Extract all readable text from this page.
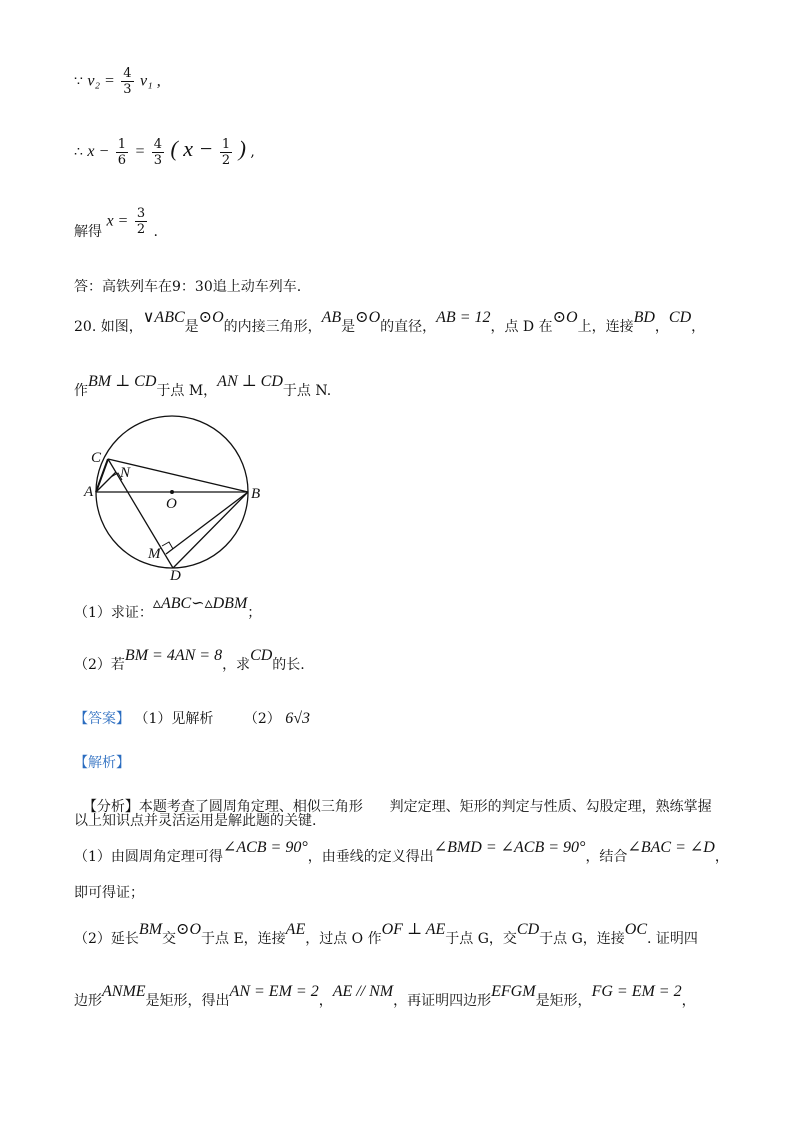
∵ $v_2 = \frac{4}{3} v_1$ ,
∴ $x - \frac{1}{6} = \frac{4}{3}$ ( $x - \frac{1}{2}$ ) ,
解得 $x = \frac{3}{2}$ .
答：高铁列车在9：30追上动车列车.
20. 如图，∨ABC是⊙O的内接三角形，AB是⊙O的直径，AB = 12，点 D 在⊙O上，连接BD，CD，
作BM ⊥ CD于点 M，AN ⊥ CD于点 N.
C
N
A
O
B
M
D
（1）求证：▵ABC∽▵DBM；
（2）若BM = 4AN = 8，求CD的长.
【答案】 （1）见解析 （2） 6√3
【解析】

【分析】本题考查了圆周角定理、相似三角形      判定定理、矩形的判定与性质、勾股定理，熟练掌握

以上知识点并灵活运用是解此题的关键.
（1）由圆周角定理可得∠ACB = 90°，由垂线的定义得出∠BMD = ∠ACB = 90°，结合∠BAC = ∠D，
即可得证；
（2）延长BM交⊙O于点 E，连接AE，过点 O 作OF ⊥ AE于点 G，交CD于点 G，连接OC. 证明四
边形ANME是矩形，得出AN = EM = 2，AE // NM，再证明四边形EFGM是矩形，FG = EM = 2，
